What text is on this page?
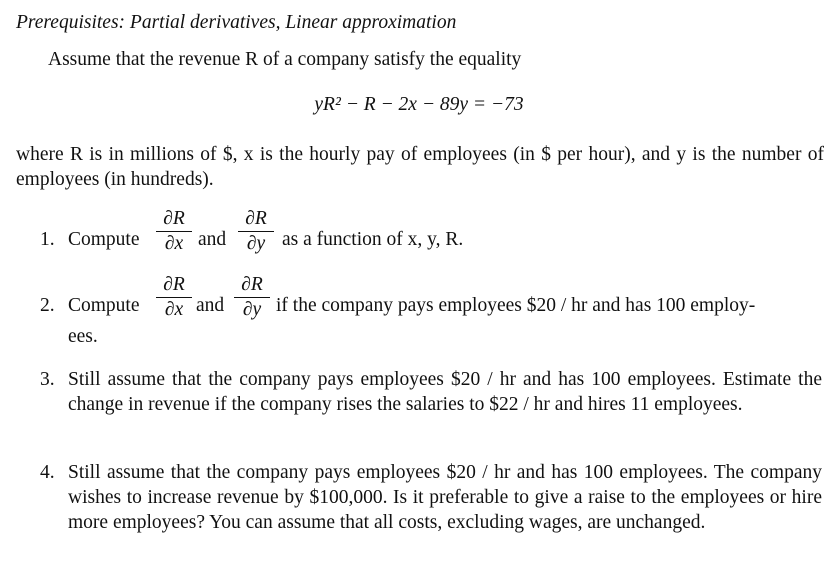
Prerequisites: Partial derivatives, Linear approximation
Assume that the revenue R of a company satisfy the equality
yR² − R − 2x − 89y = −73
where R is in millions of $, x is the hourly pay of employees (in $ per hour), and y is the number of employees (in hundreds).
1. Compute
∂R
∂x and
∂R
∂y as a function of x, y, R.
2. Compute
∂R
∂x and
∂R
∂y if the company pays employees $20 / hr and has 100 employ-
ees.
3. Still assume that the company pays employees $20 / hr and has 100 employees. Estimate the change in revenue if the company rises the salaries to $22 / hr and hires 11 employees.
4. Still assume that the company pays employees $20 / hr and has 100 employees. The company wishes to increase revenue by $100,000. Is it preferable to give a raise to the employees or hire more employees? You can assume that all costs, excluding wages, are unchanged.
